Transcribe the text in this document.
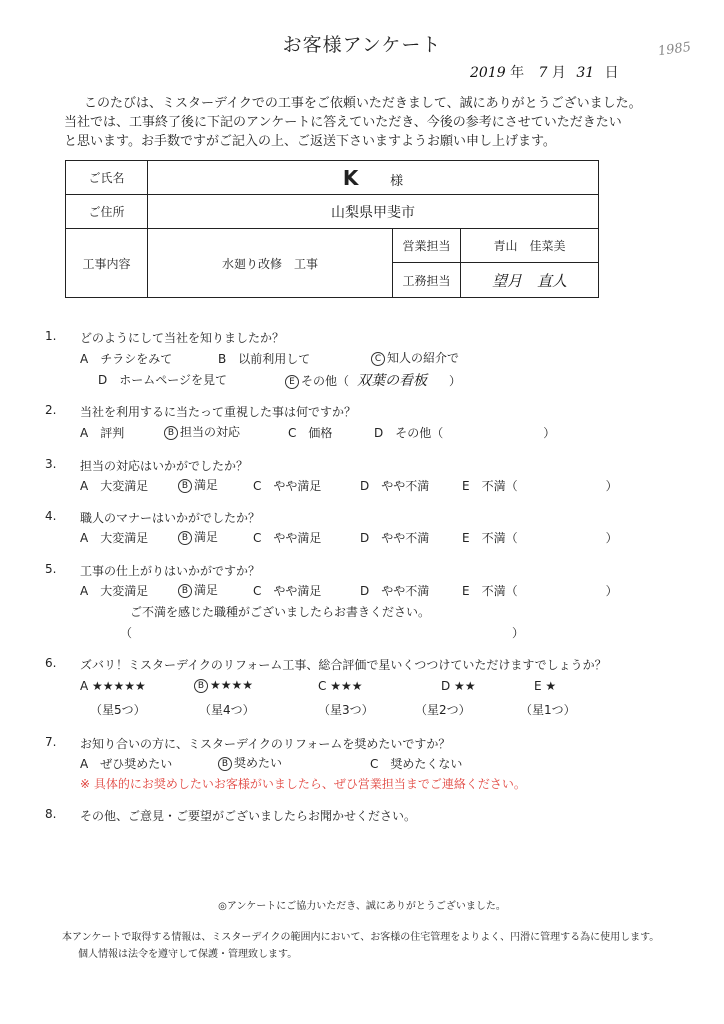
お客様アンケート	1985
2019 年 7 月 31 日
このたびは、ミスターデイクでの工事をご依頼いただきまして、誠にありがとうございました。
当社では、工事終了後に下記のアンケートに答えていただき、今後の参考にさせていただきたい
と思います。お手数ですがご記入の上、ご返送下さいますようお願い申し上げます。
ご氏名	K 様		
ご住所	山梨県甲斐市		
工事内容	水廻り改修　工事	営業担当	青山　佳菜美
		工務担当	望月　直人
1. どのようにして当社を知りましたか？
A　チラシをみて	B　以前利用して	C 知人の紹介で
D　ホームページを見て	E その他（ 双葉の看板 ）
2. 当社を利用するに当たって重視した事は何ですか？
A　評判	B 担当の対応	C　価格	D　その他（	）
3. 担当の対応はいかがでしたか？
A　大変満足	B 満足	C　やや満足	D　やや不満	E　不満（	）
4. 職人のマナーはいかがでしたか？
A　大変満足	B 満足	C　やや満足	D　やや不満	E　不満（	）
5. 工事の仕上がりはいかがですか？
A　大変満足	B 満足	C　やや満足	D　やや不満	E　不満（	）
ご不満を感じた職種がございましたらお書きください。
（	）
6. ズバリ！ミスターデイクのリフォーム工事、総合評価で星いくつつけていただけますでしょうか？
A ★★★★★	B ★★★★	C ★★★	D ★★	E ★
（星5つ）	（星4つ）	（星3つ）	（星2つ）	（星1つ）
7. お知り合いの方に、ミスターデイクのリフォームを奨めたいですか？
A　ぜひ奨めたい	B 奨めたい	C　奨めたくない
※ 具体的にお奨めしたいお客様がいましたら、ぜひ営業担当までご連絡ください。
8. その他、ご意見・ご要望がございましたらお聞かせください。
◎アンケートにご協力いただき、誠にありがとうございました。
本アンケートで取得する情報は、ミスターデイクの範囲内において、お客様の住宅管理をよりよく、円滑に管理する為に使用します。
個人情報は法令を遵守して保護・管理致します。
